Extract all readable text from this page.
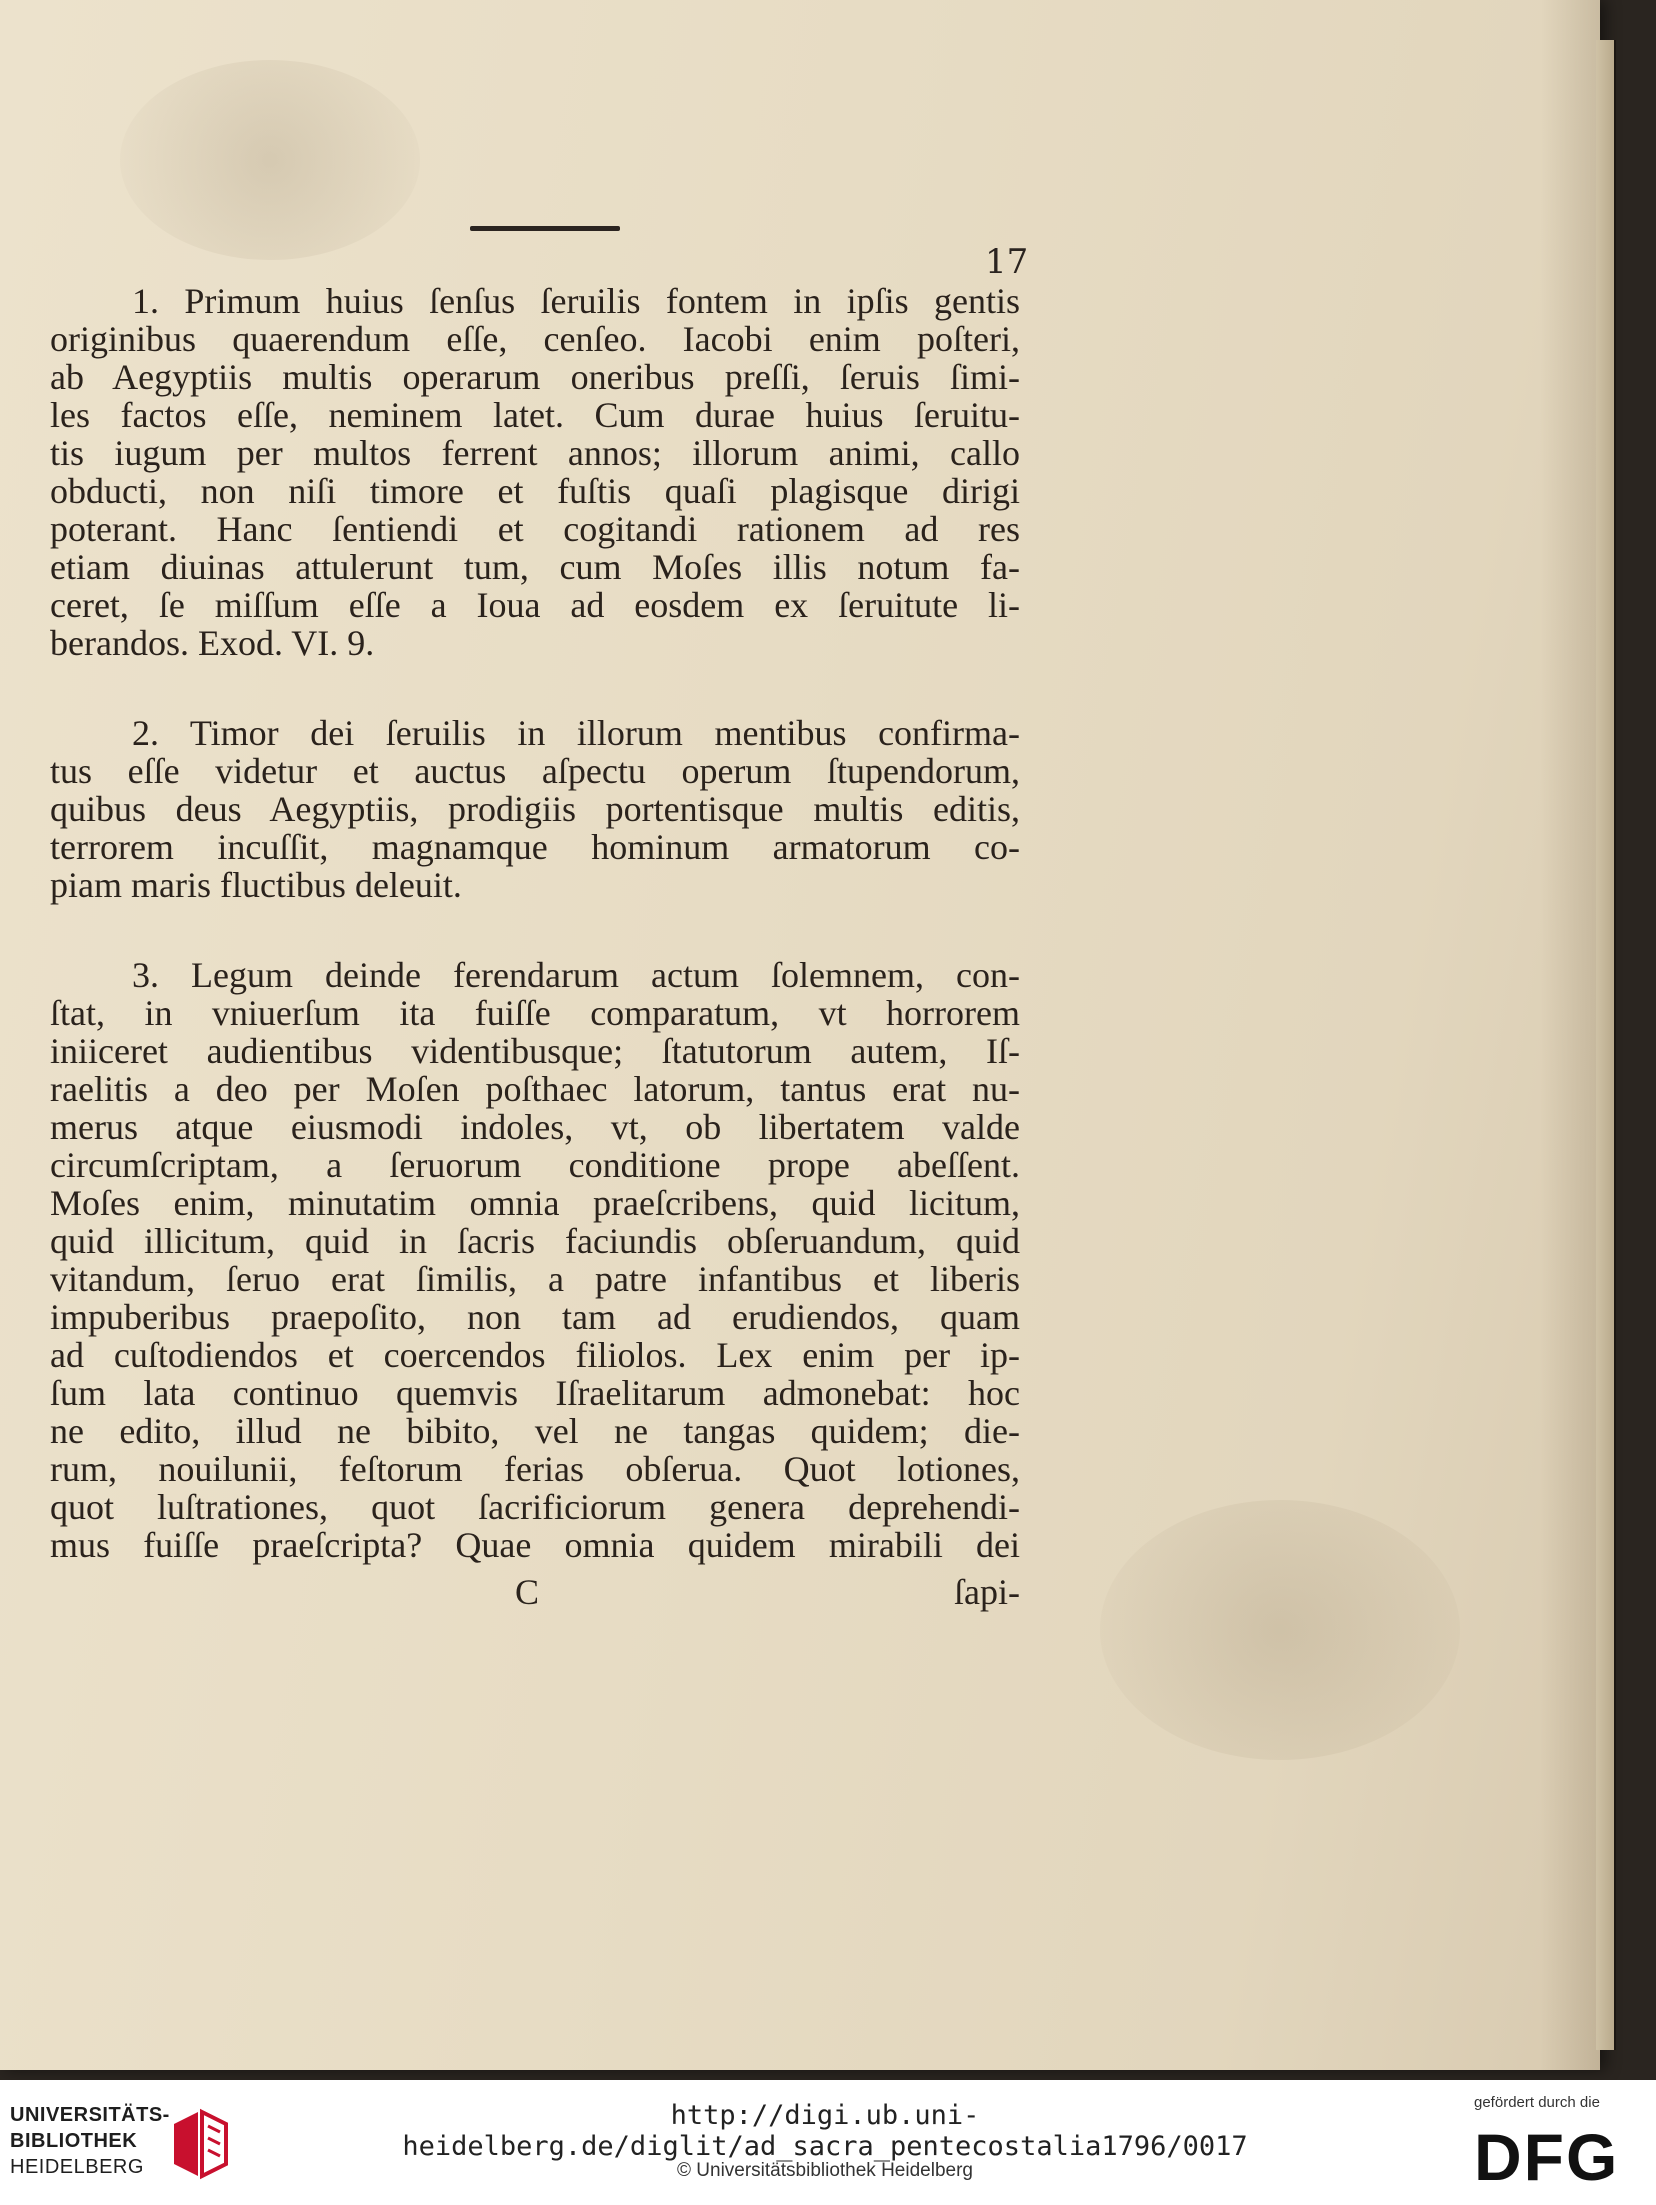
17
1. Primum huius ſenſus ſeruilis fontem in ipſis gentis
originibus quaerendum eſſe, cenſeo. Iacobi enim poſteri,
ab Aegyptiis multis operarum oneribus preſſi, ſeruis ſimi-
les factos eſſe, neminem latet. Cum durae huius ſeruitu-
tis iugum per multos ferrent annos; illorum animi, callo
obducti, non niſi timore et fuſtis quaſi plagisque dirigi
poterant. Hanc ſentiendi et cogitandi rationem ad res
etiam diuinas attulerunt tum, cum Moſes illis notum fa-
ceret, ſe miſſum eſſe a Ioua ad eosdem ex ſeruitute li-
berandos. Exod. VI. 9.
2. Timor dei ſeruilis in illorum mentibus confirma-
tus eſſe videtur et auctus aſpectu operum ſtupendorum,
quibus deus Aegyptiis, prodigiis portentisque multis editis,
terrorem incuſſit, magnamque hominum armatorum co-
piam maris fluctibus deleuit.
3. Legum deinde ferendarum actum ſolemnem, con-
ſtat, in vniuerſum ita fuiſſe comparatum, vt horrorem
iniiceret audientibus videntibusque; ſtatutorum autem, Iſ-
raelitis a deo per Moſen poſthaec latorum, tantus erat nu-
merus atque eiusmodi indoles, vt, ob libertatem valde
circumſcriptam, a ſeruorum conditione prope abeſſent.
Moſes enim, minutatim omnia praeſcribens, quid licitum,
quid illicitum, quid in ſacris faciundis obſeruandum, quid
vitandum, ſeruo erat ſimilis, a patre infantibus et liberis
impuberibus praepoſito, non tam ad erudiendos, quam
ad cuſtodiendos et coercendos filiolos. Lex enim per ip-
ſum lata continuo quemvis Iſraelitarum admonebat: hoc
ne edito, illud ne bibito, vel ne tangas quidem; die-
rum, nouilunii, feſtorum ferias obſerua. Quot lotiones,
quot luſtrationes, quot ſacrificiorum genera deprehendi-
mus fuiſſe praeſcripta? Quae omnia quidem mirabili dei
C	ſapi-
UNIVERSITÄTS-
BIBLIOTHEK
HEIDELBERG
http://digi.ub.uni-heidelberg.de/diglit/ad_sacra_pentecostalia1796/0017
© Universitätsbibliothek Heidelberg
gefördert durch die
DFG
